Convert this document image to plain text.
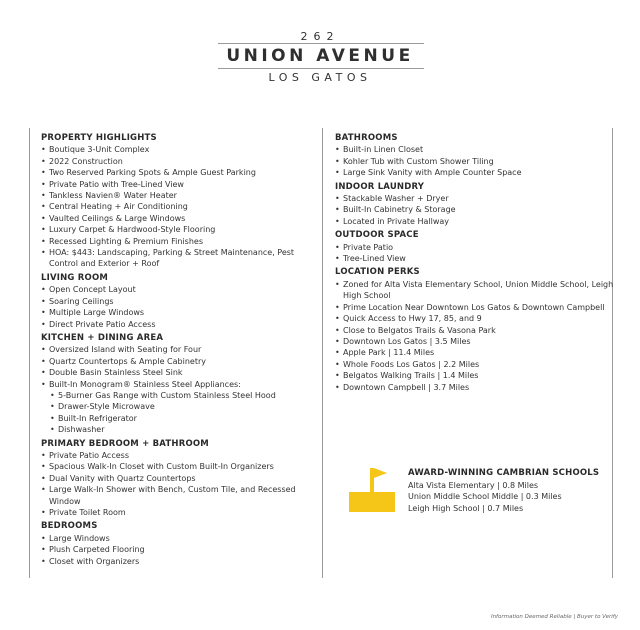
262
UNION AVENUE
LOS GATOS
PROPERTY HIGHLIGHTS
• Boutique 3-Unit Complex
• 2022 Construction
• Two Reserved Parking Spots & Ample Guest Parking
• Private Patio with Tree-Lined View
• Tankless Navien® Water Heater
• Central Heating + Air Conditioning
• Vaulted Ceilings & Large Windows
• Luxury Carpet & Hardwood-Style Flooring
• Recessed Lighting & Premium Finishes
• HOA: $443: Landscaping, Parking & Street Maintenance, Pest Control and Exterior + Roof
LIVING ROOM
• Open Concept Layout
• Soaring Ceilings
• Multiple Large Windows
• Direct Private Patio Access
KITCHEN + DINING AREA
• Oversized Island with Seating for Four
• Quartz Countertops & Ample Cabinetry
• Double Basin Stainless Steel Sink
• Built-In Monogram® Stainless Steel Appliances:
• 5-Burner Gas Range with Custom Stainless Steel Hood
• Drawer-Style Microwave
• Built-In Refrigerator
• Dishwasher
PRIMARY BEDROOM + BATHROOM
• Private Patio Access
• Spacious Walk-In Closet with Custom Built-In Organizers
• Dual Vanity with Quartz Countertops
• Large Walk-In Shower with Bench, Custom Tile, and Recessed Window
• Private Toilet Room
BEDROOMS
• Large Windows
• Plush Carpeted Flooring
• Closet with Organizers
BATHROOMS
• Built-in Linen Closet
• Kohler Tub with Custom Shower Tiling
• Large Sink Vanity with Ample Counter Space
INDOOR LAUNDRY
• Stackable Washer + Dryer
• Built-In Cabinetry & Storage
• Located in Private Hallway
OUTDOOR SPACE
• Private Patio
• Tree-Lined View
LOCATION PERKS
• Zoned for Alta Vista Elementary School, Union Middle School, Leigh High School
• Prime Location Near Downtown Los Gatos & Downtown Campbell
• Quick Access to Hwy 17, 85, and 9
• Close to Belgatos Trails & Vasona Park
• Downtown Los Gatos | 3.5 Miles
• Apple Park | 11.4 Miles
• Whole Foods Los Gatos | 2.2 Miles
• Belgatos Walking Trails | 1.4 Miles
• Downtown Campbell | 3.7 Miles
AWARD-WINNING CAMBRIAN SCHOOLS
Alta Vista Elementary | 0.8 Miles
Union Middle School Middle | 0.3 Miles
Leigh High School | 0.7 Miles
Information Deemed Reliable | Buyer to Verify
